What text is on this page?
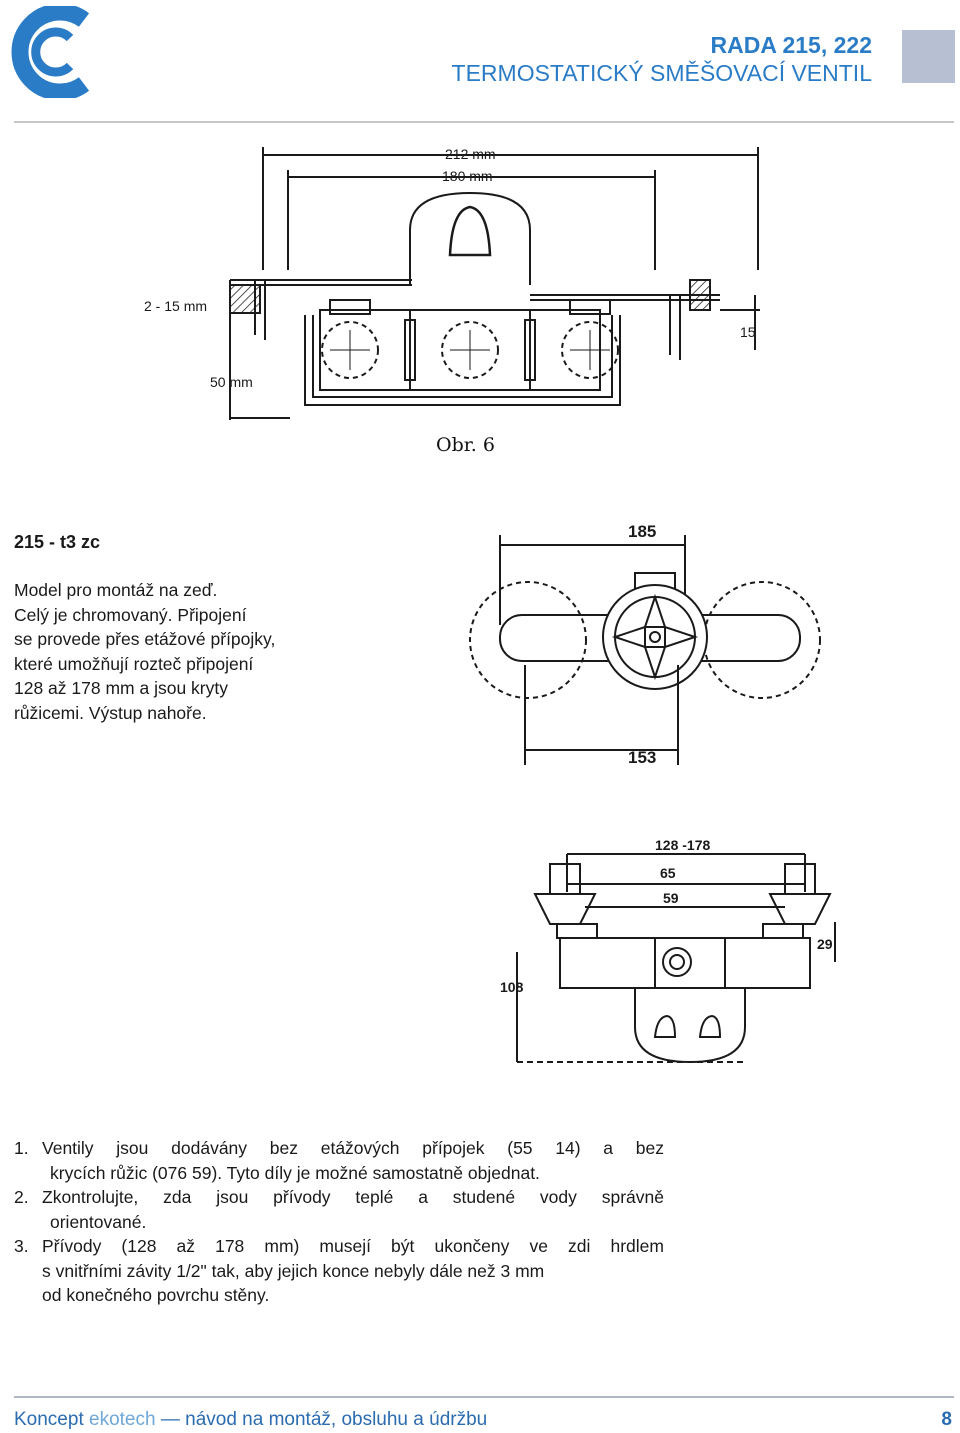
RADA 215, 222
TERMOSTATICKÝ SMĚŠOVACÍ VENTIL
212 mm
180 mm
2 - 15 mm
50 mm
15
Obr. 6
215 - t3 zc
Model pro montáž na zeď.
Celý je chromovaný. Připojení
se provede přes etážové přípojky,
které umožňují rozteč připojení
128 až 178 mm a jsou kryty
růžicemi. Výstup nahoře.
185
153
128 -178
65
59
29
108
1. Ventily jsou dodávány bez etážových přípojek (55 14) a bez
krycích růžic (076 59). Tyto díly je možné samostatně objednat.
2. Zkontrolujte, zda jsou přívody teplé a studené vody správně
orientované.
3. Přívody (128 až 178 mm) musejí být ukončeny ve zdi hrdlem
s vnitřními závity 1/2" tak, aby jejich konce nebyly dále než 3 mm
od konečného povrchu stěny.
Koncept ekotech — návod na montáž, obsluhu a údržbu	8
